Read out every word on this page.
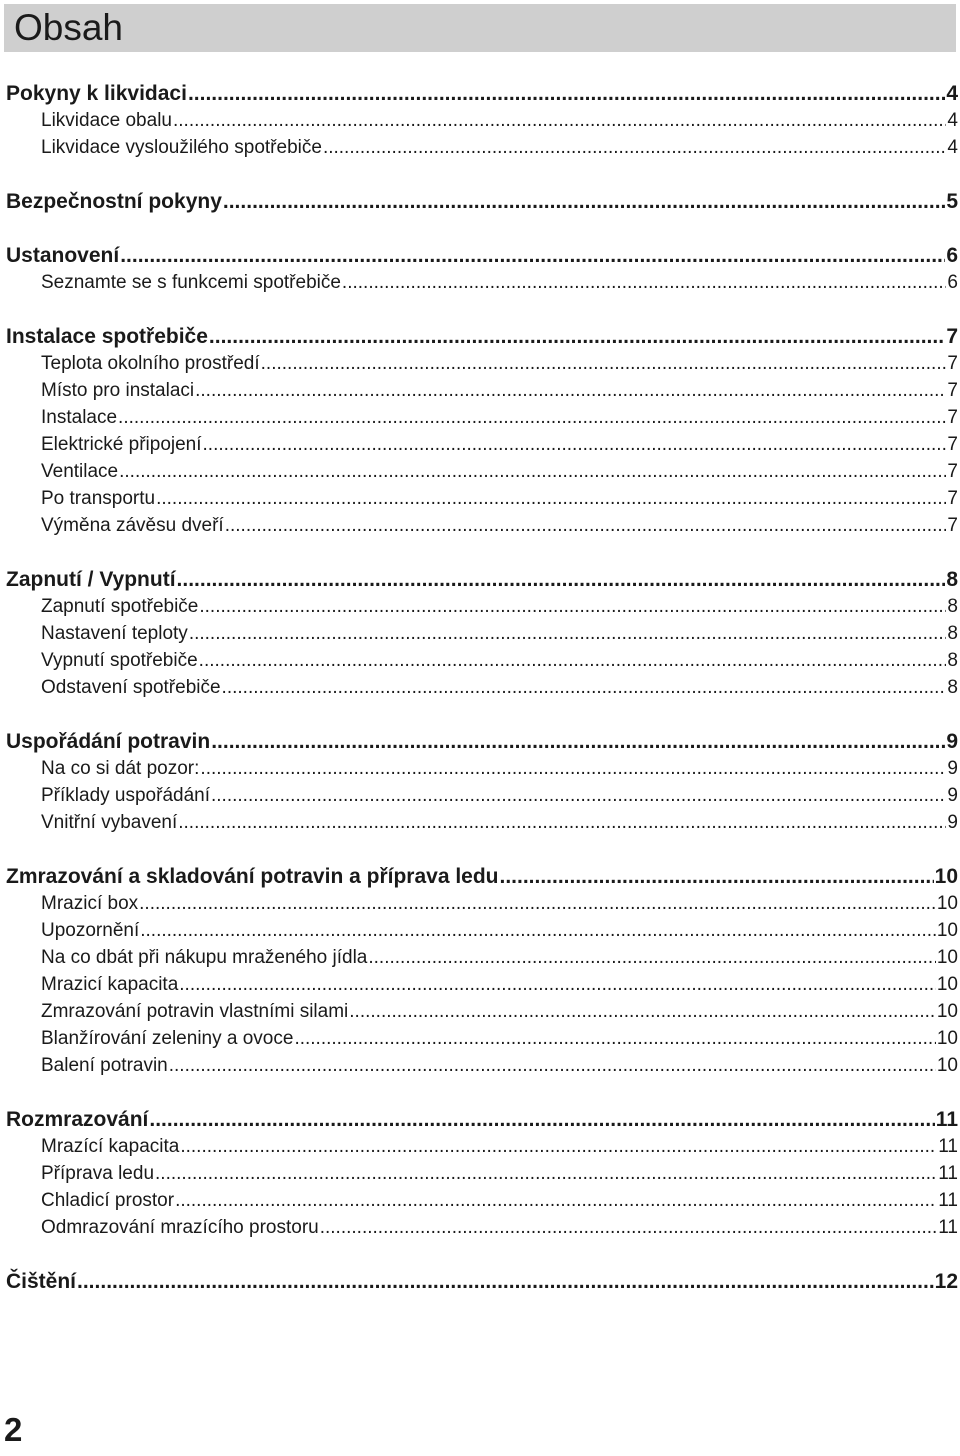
Obsah
Pokyny k likvidaci .....	4
Likvidace obalu .....	4
Likvidace vysloužilého spotřebiče .....	4
Bezpečnostní pokyny .....	5
Ustanovení .....	6
Seznamte se s funkcemi spotřebiče .....	6
Instalace spotřebiče .....	7
Teplota okolního prostředí .....	7
Místo pro instalaci .....	7
Instalace .....	7
Elektrické připojení .....	7
Ventilace .....	7
Po transportu .....	7
Výměna závěsu dveří .....	7
Zapnutí / Vypnutí .....	8
Zapnutí spotřebiče .....	8
Nastavení teploty .....	8
Vypnutí spotřebiče .....	8
Odstavení spotřebiče .....	8
Uspořádání potravin .....	9
Na co si dát pozor: .....	9
Příklady uspořádání .....	9
Vnitřní vybavení .....	9
Zmrazování a skladování potravin a příprava ledu .....	10
Mrazicí box .....	10
Upozornění .....	10
Na co dbát při nákupu mraženého jídla .....	10
Mrazicí kapacita .....	10
Zmrazování potravin vlastními silami .....	10
Blanžírování zeleniny a ovoce .....	10
Balení potravin .....	10
Rozmrazování .....	11
Mrazící kapacita .....	11
Příprava ledu .....	11
Chladicí prostor .....	11
Odmrazování mrazícího prostoru .....	11
Čištění .....	12
2
